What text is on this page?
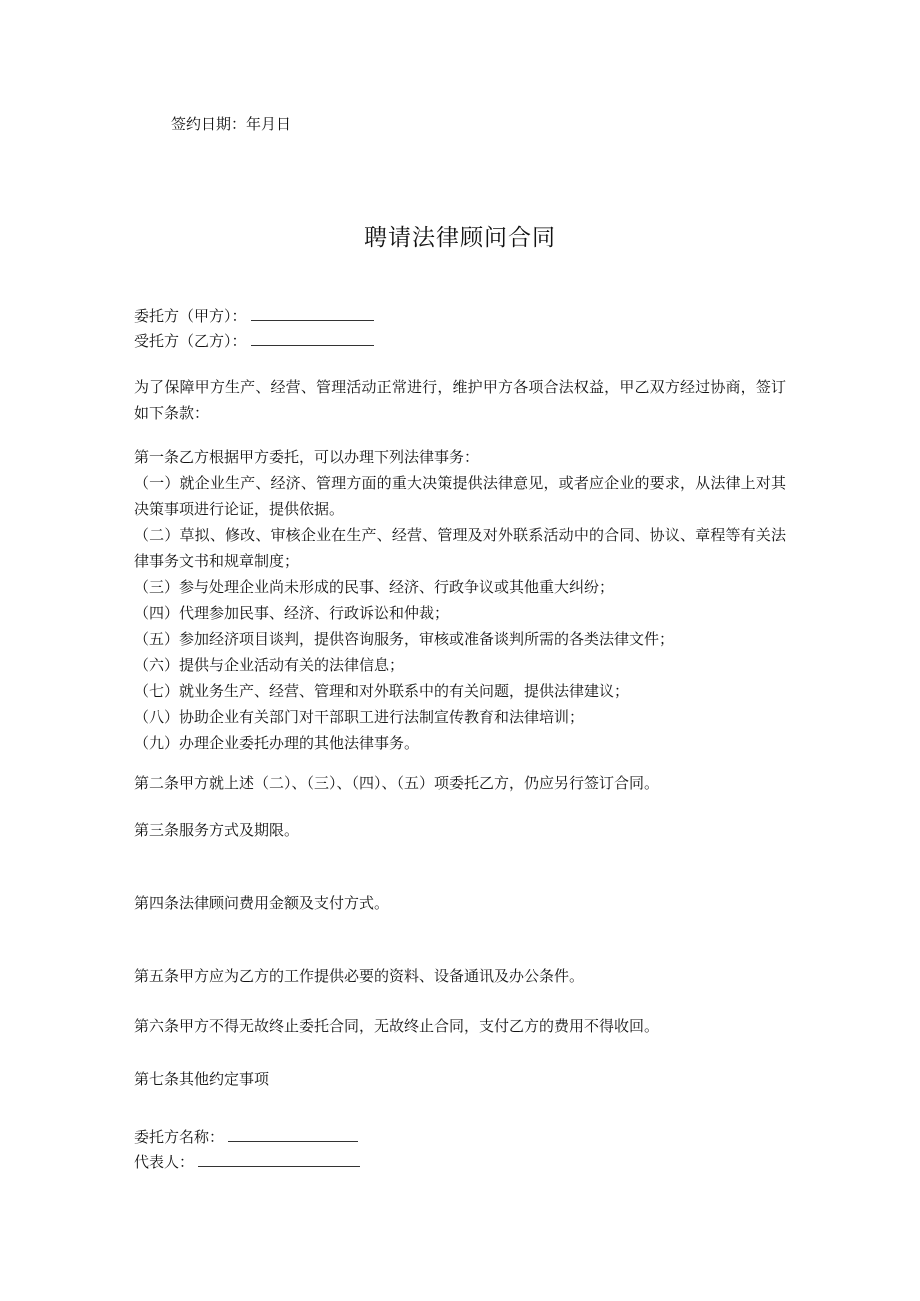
签约日期：年月日
聘请法律顾问合同
委托方（甲方）：
受托方（乙方）：
为了保障甲方生产、经营、管理活动正常进行，维护甲方各项合法权益，甲乙双方经过协商，签订如下条款：
第一条乙方根据甲方委托，可以办理下列法律事务：
（一）就企业生产、经济、管理方面的重大决策提供法律意见，或者应企业的要求，从法律上对其决策事项进行论证，提供依据。
（二）草拟、修改、审核企业在生产、经营、管理及对外联系活动中的合同、协议、章程等有关法律事务文书和规章制度；
（三）参与处理企业尚未形成的民事、经济、行政争议或其他重大纠纷；
（四）代理参加民事、经济、行政诉讼和仲裁；
（五）参加经济项目谈判，提供咨询服务，审核或准备谈判所需的各类法律文件；
（六）提供与企业活动有关的法律信息；
（七）就业务生产、经营、管理和对外联系中的有关问题，提供法律建议；
（八）协助企业有关部门对干部职工进行法制宣传教育和法律培训；
（九）办理企业委托办理的其他法律事务。
第二条甲方就上述（二）、（三）、（四）、（五）项委托乙方，仍应另行签订合同。
第三条服务方式及期限。
第四条法律顾问费用金额及支付方式。
第五条甲方应为乙方的工作提供必要的资料、设备通讯及办公条件。
第六条甲方不得无故终止委托合同，无故终止合同，支付乙方的费用不得收回。
第七条其他约定事项
委托方名称：
代表人：
